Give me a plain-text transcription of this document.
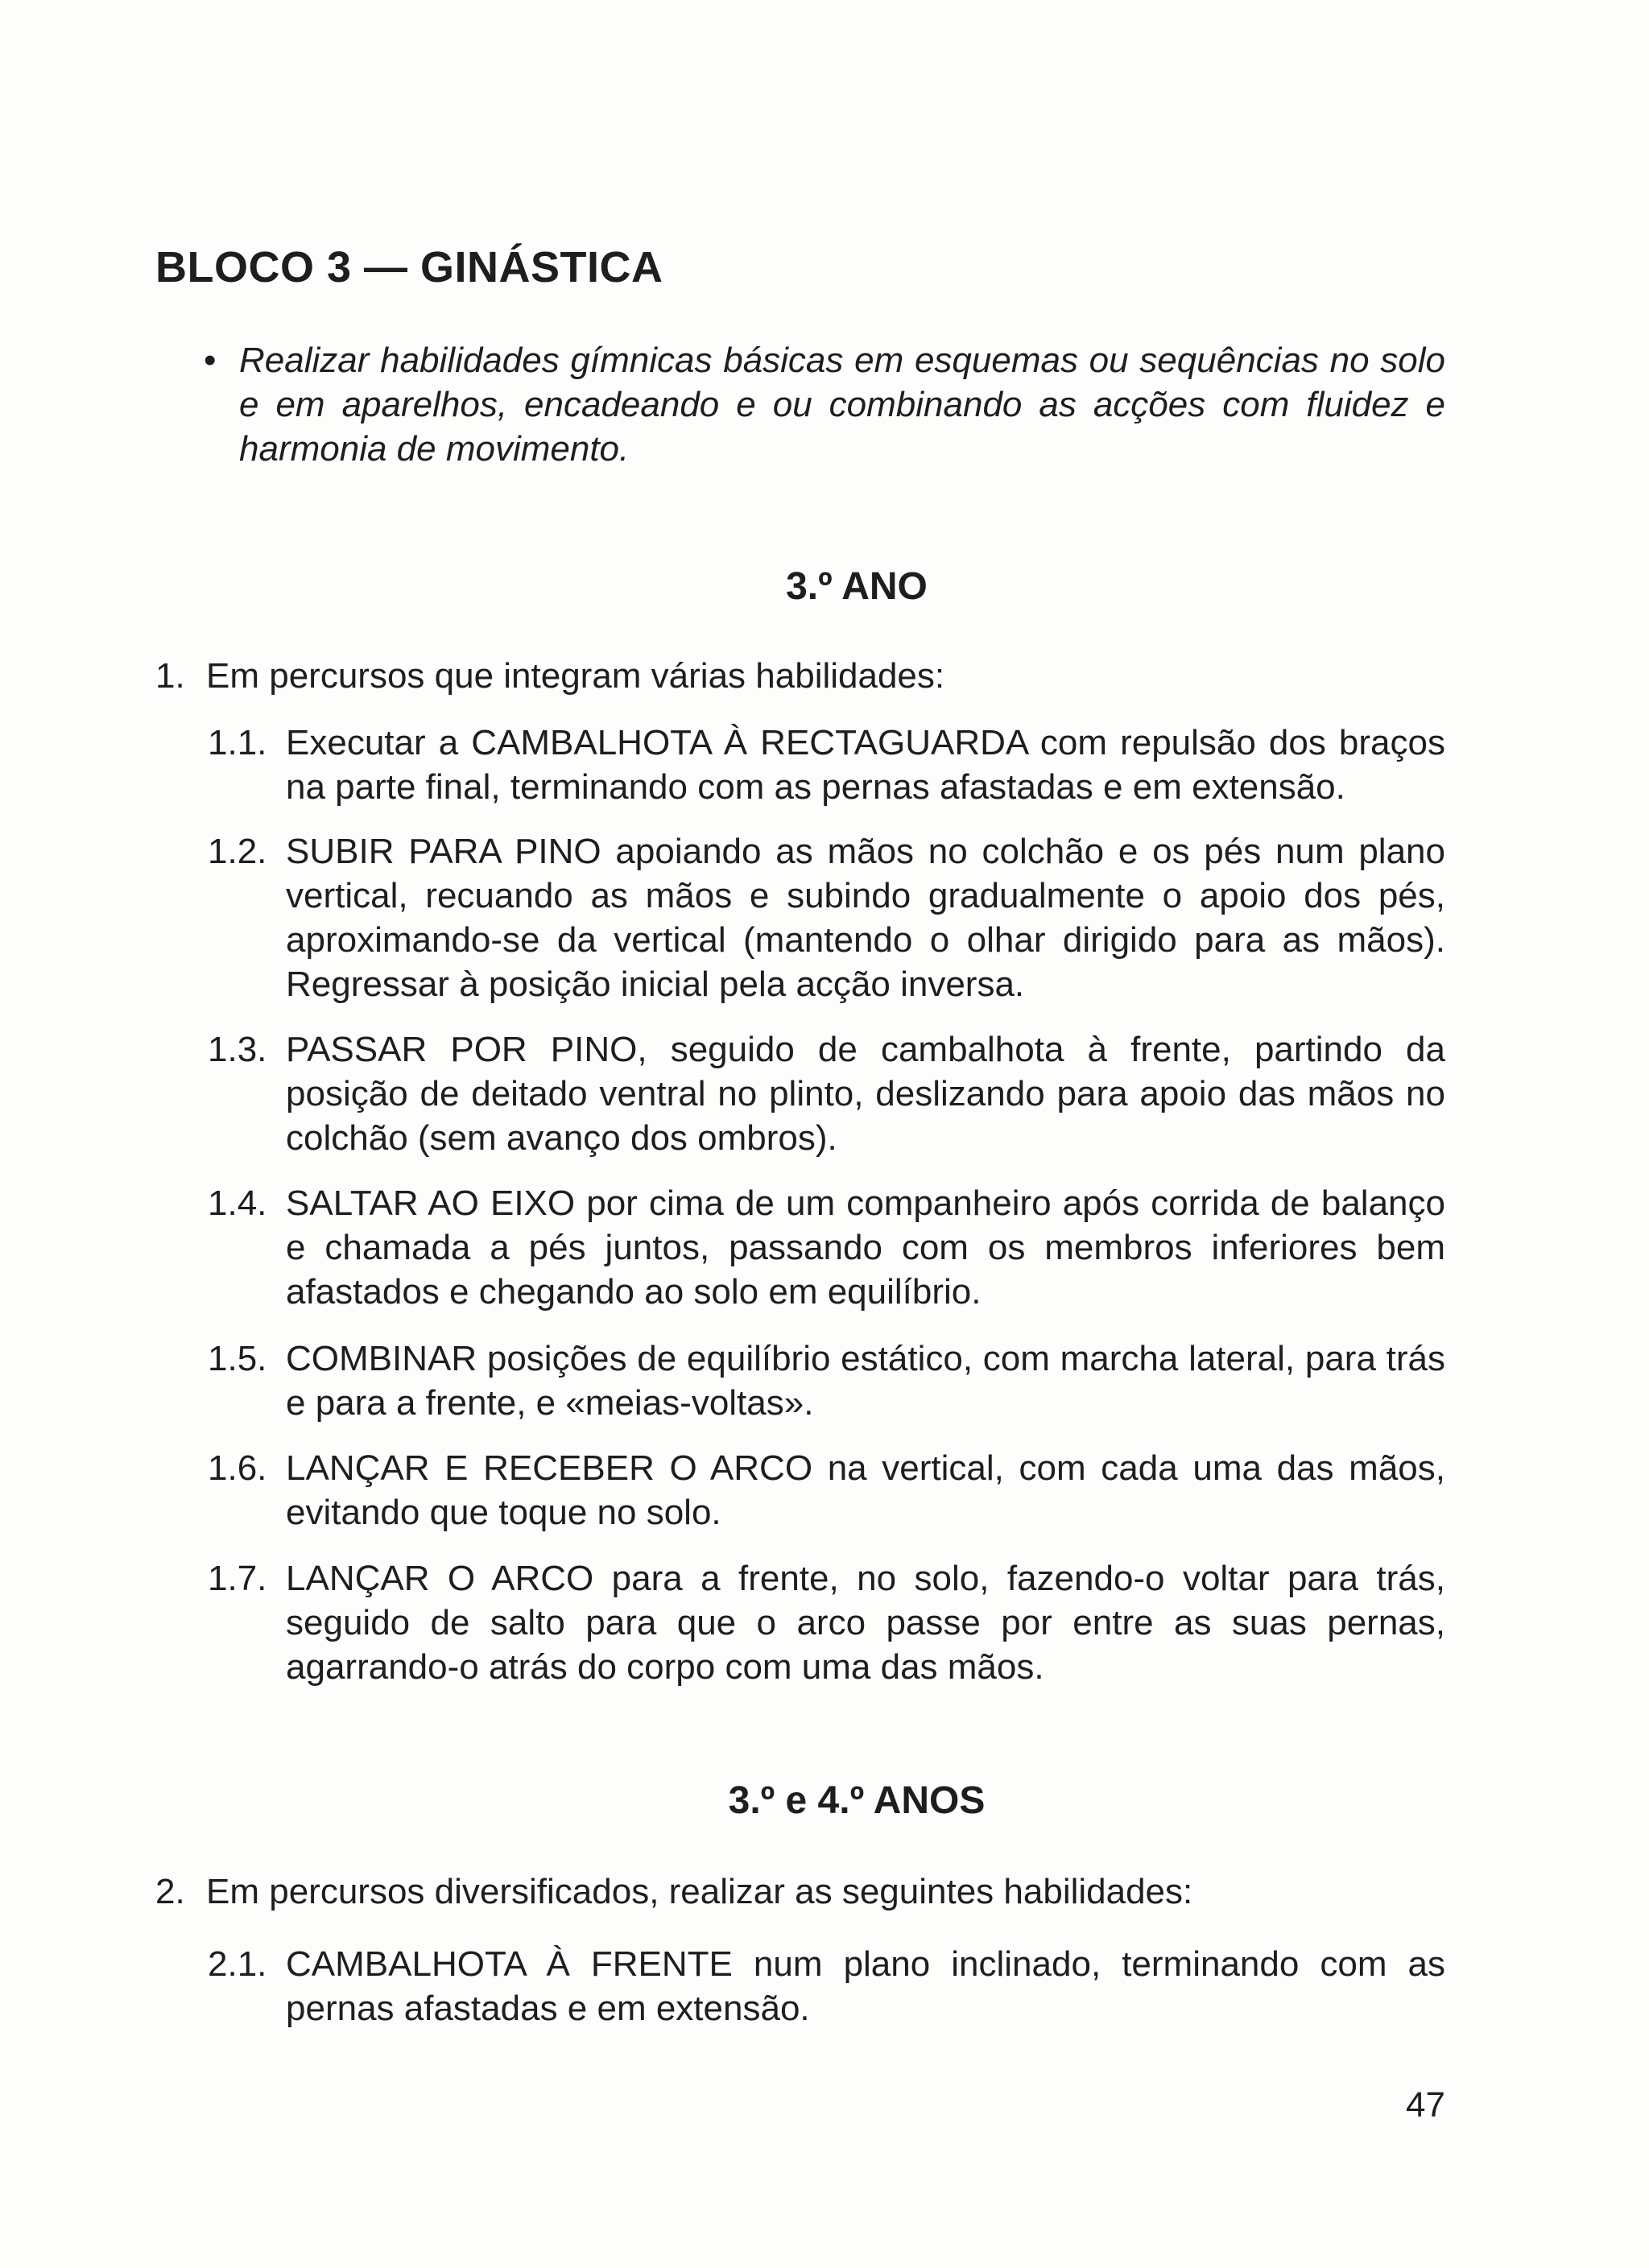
BLOCO 3 — GINÁSTICA

• Realizar habilidades gímnicas básicas em esquemas ou sequências no solo e em aparelhos, encadeando e ou combinando as acções com fluidez e harmonia de movimento.

3.º ANO
1. Em percursos que integram várias habilidades:
1.1. Executar a CAMBALHOTA À RECTAGUARDA com repulsão dos braços na parte final, terminando com as pernas afastadas e em extensão.
1.2. SUBIR PARA PINO apoiando as mãos no colchão e os pés num plano vertical, recuando as mãos e subindo gradualmente o apoio dos pés, aproximando-se da vertical (mantendo o olhar dirigido para as mãos). Regressar à posição inicial pela acção inversa.
1.3. PASSAR POR PINO, seguido de cambalhota à frente, partindo da posição de deitado ventral no plinto, deslizando para apoio das mãos no colchão (sem avanço dos ombros).
1.4. SALTAR AO EIXO por cima de um companheiro após corrida de balanço e chamada a pés juntos, passando com os membros inferiores bem afastados e chegando ao solo em equilíbrio.
1.5. COMBINAR posições de equilíbrio estático, com marcha lateral, para trás e para a frente, e «meias-voltas».
1.6. LANÇAR E RECEBER O ARCO na vertical, com cada uma das mãos, evitando que toque no solo.
1.7. LANÇAR O ARCO para a frente, no solo, fazendo-o voltar para trás, seguido de salto para que o arco passe por entre as suas pernas, agarrando-o atrás do corpo com uma das mãos.
3.º e 4.º ANOS
2. Em percursos diversificados, realizar as seguintes habilidades:
2.1. CAMBALHOTA À FRENTE num plano inclinado, terminando com as pernas afastadas e em extensão.
47
